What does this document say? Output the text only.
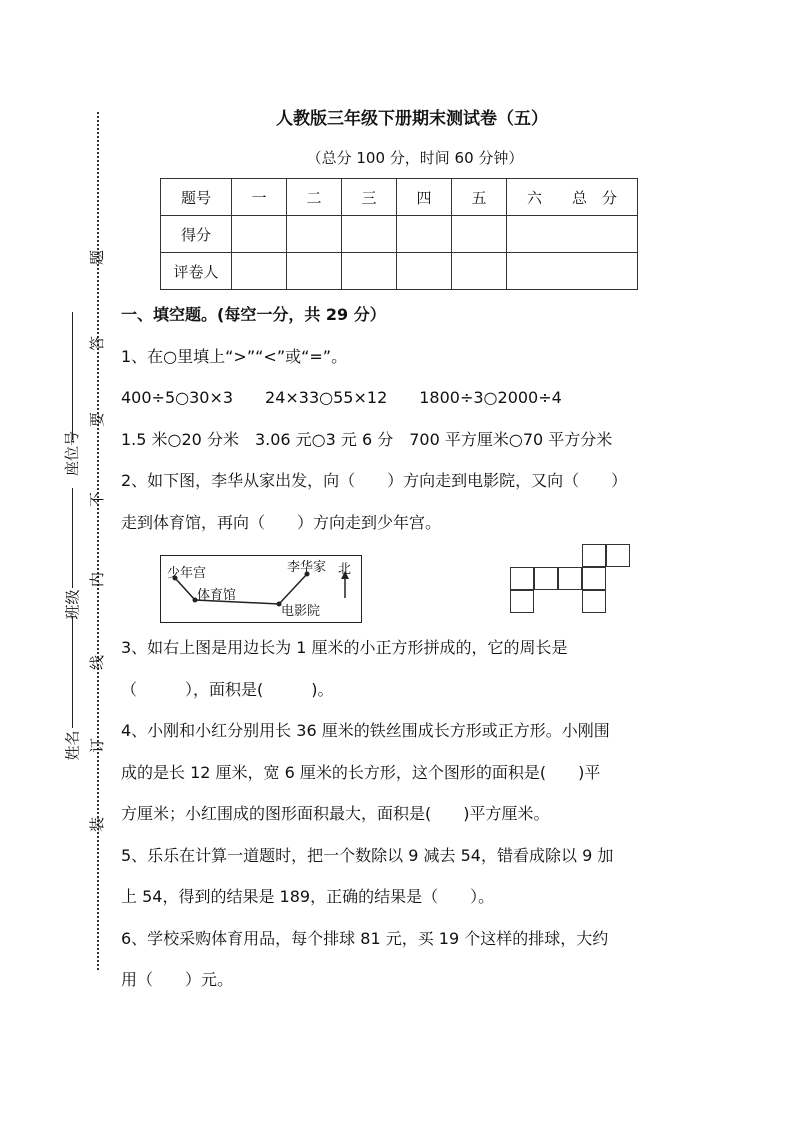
题
答
要
不
内
线
订
装
座位号
班级
姓名
人教版三年级下册期末测试卷（五）
（总分 100 分，时间 60 分钟）
题号	一	二	三	四	五	六　　总　分
得分						
评卷人						
一、填空题。(每空一分，共 29 分）
1、在○里填上“>”“<”或“=”。
400÷5○30×3　　24×33○55×12　　1800÷3○2000÷4
1.5 米○20 分米　3.06 元○3 元 6 分　700 平方厘米○70 平方分米
2、如下图，李华从家出发，向（　　）方向走到电影院，又向（　　）
走到体育馆，再向（　　）方向走到少年宫。
少年宫
体育馆
李华家
电影院
北
3、如右上图是用边长为 1 厘米的小正方形拼成的，它的周长是
（　　　），面积是(　　　)。
4、小刚和小红分别用长 36 厘米的铁丝围成长方形或正方形。小刚围
成的是长 12 厘米，宽 6 厘米的长方形，这个图形的面积是(　　)平
方厘米；小红围成的图形面积最大，面积是(　　)平方厘米。
5、乐乐在计算一道题时，把一个数除以 9 减去 54，错看成除以 9 加
上 54，得到的结果是 189，正确的结果是（　　）。
6、学校采购体育用品，每个排球 81 元，买 19 个这样的排球，大约
用（　　）元。
